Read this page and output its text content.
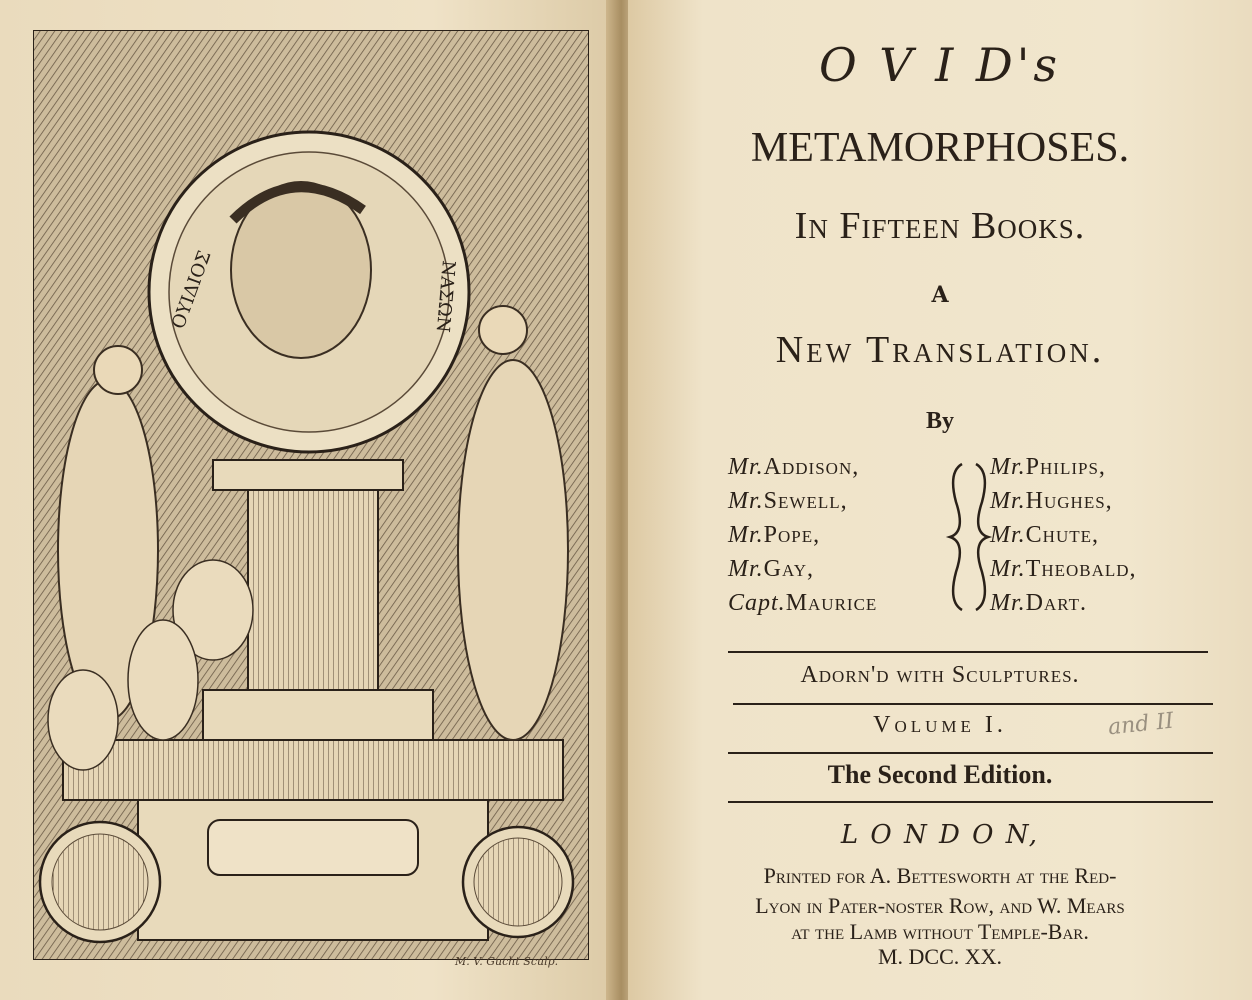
ΟΥΙΔΙΟΣ	ΝΑΣΩΝ
M. V. Gucht Sculp.
O V I D's
METAMORPHOSES.
In Fifteen Books.
A
New Translation.
By
Mr.Addison,
Mr.Sewell,
Mr.Pope,
Mr.Gay,
Capt.Maurice
Mr.Philips,
Mr.Hughes,
Mr.Chute,
Mr.Theobald,
Mr.Dart.
Adorn'd with Sculptures.
Volume I.	and II
The Second Edition.
L O N D O N,
Printed for A. Bettesworth at the Red-
Lyon in Pater-noster Row, and W. Mears
at the Lamb without Temple-Bar.
M. DCC. XX.
